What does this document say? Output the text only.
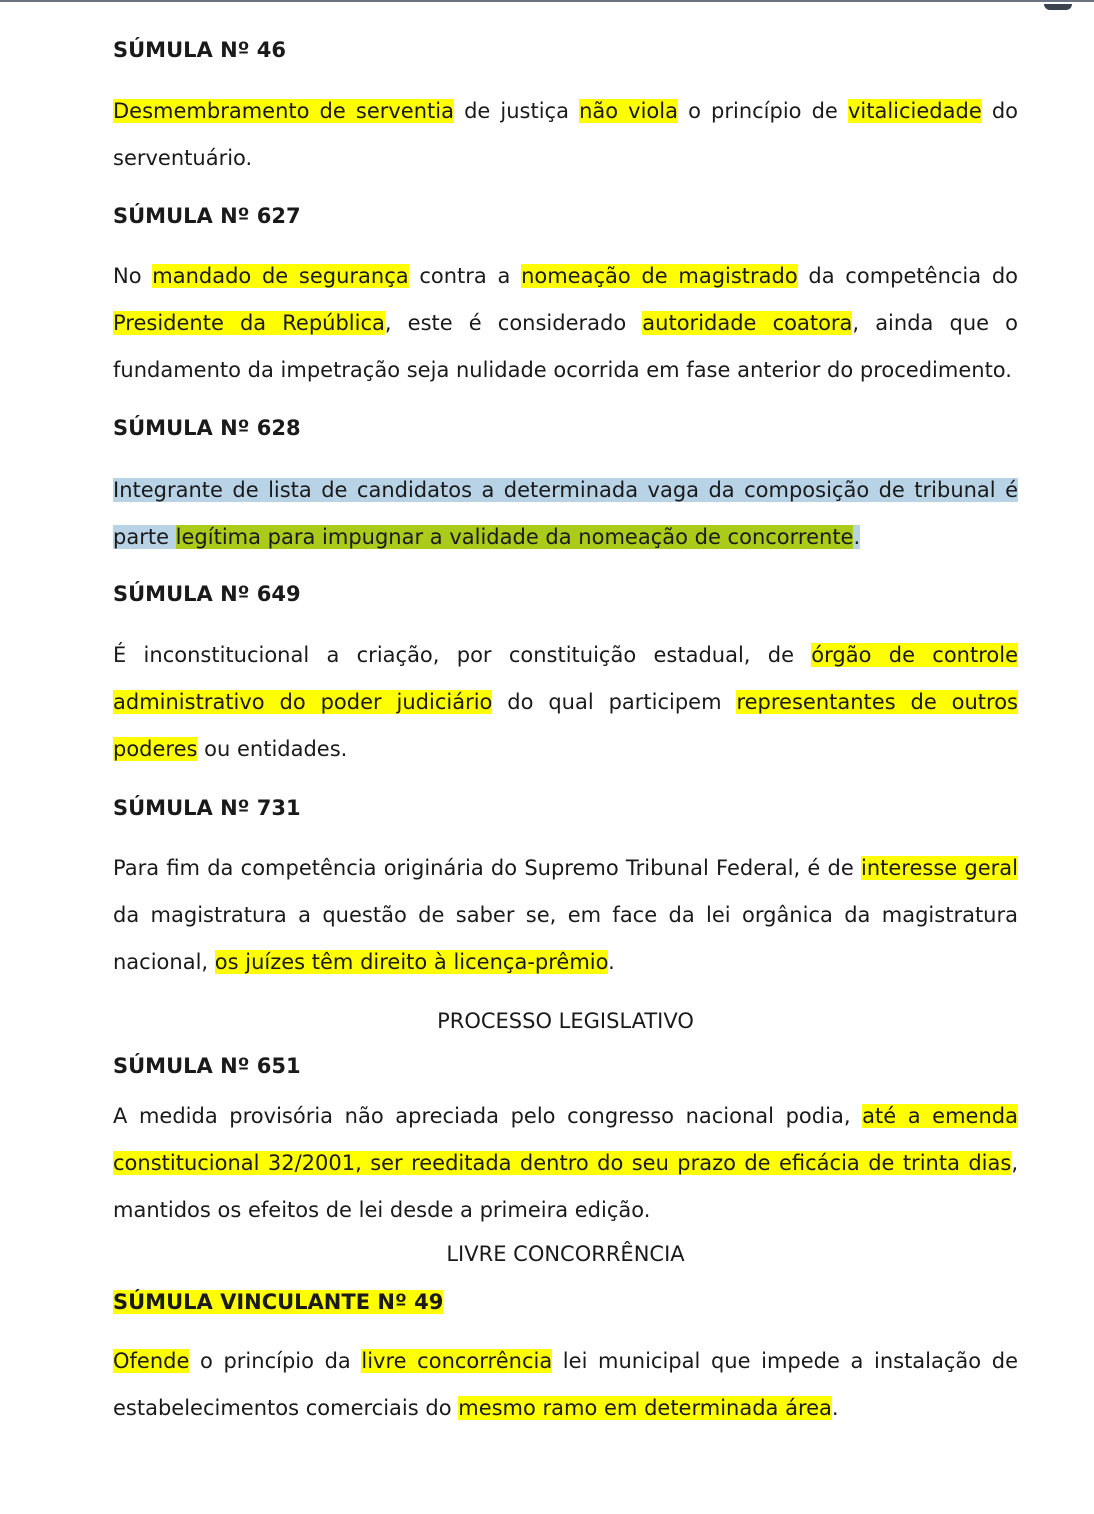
SÚMULA Nº 46
Desmembramento de serventia de justiça não viola o princípio de vitaliciedade do serventuário.
SÚMULA Nº 627
No mandado de segurança contra a nomeação de magistrado da competência do Presidente da República, este é considerado autoridade coatora, ainda que o fundamento da impetração seja nulidade ocorrida em fase anterior do procedimento.
SÚMULA Nº 628
Integrante de lista de candidatos a determinada vaga da composição de tribunal é parte legítima para impugnar a validade da nomeação de concorrente.
SÚMULA Nº 649
É inconstitucional a criação, por constituição estadual, de órgão de controle administrativo do poder judiciário do qual participem representantes de outros poderes ou entidades.
SÚMULA Nº 731
Para fim da competência originária do Supremo Tribunal Federal, é de interesse geral da magistratura a questão de saber se, em face da lei orgânica da magistratura nacional, os juízes têm direito à licença-prêmio.
PROCESSO LEGISLATIVO
SÚMULA Nº 651
A medida provisória não apreciada pelo congresso nacional podia, até a emenda constitucional 32/2001, ser reeditada dentro do seu prazo de eficácia de trinta dias, mantidos os efeitos de lei desde a primeira edição.
LIVRE CONCORRÊNCIA
SÚMULA VINCULANTE Nº 49
Ofende o princípio da livre concorrência lei municipal que impede a instalação de estabelecimentos comerciais do mesmo ramo em determinada área.
